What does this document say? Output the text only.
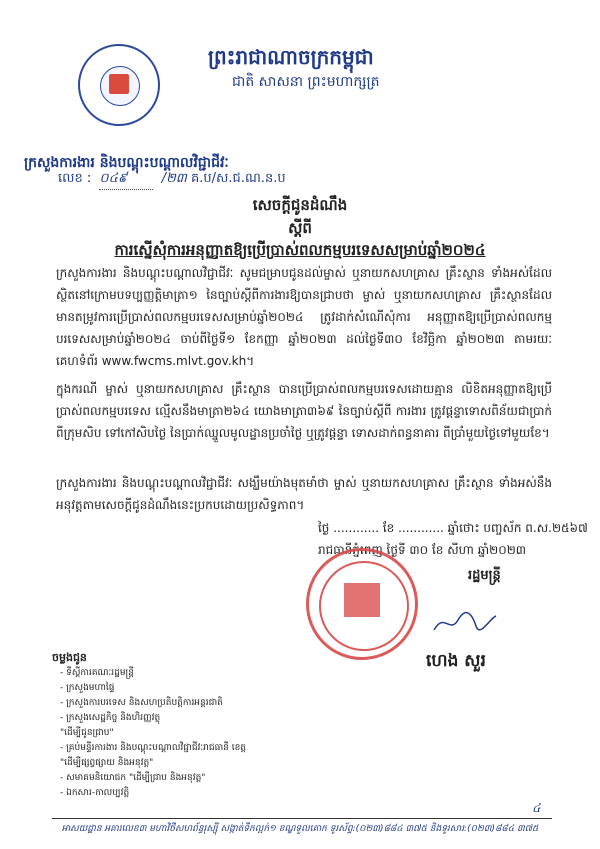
ព្រះរាជាណាចក្រកម្ពុជា
ជាតិ សាសនា ព្រះមហាក្សត្រ
ក្រសួងការងារ និងបណ្តុះបណ្តាលវិជ្ជាជីវៈ
លេខ : ០៤៩	/២៣ គ.ប/ស.ជ.ណ.ន.ប
សេចក្តីជូនដំណឹង
ស្តីពី
ការស្នើសុំការអនុញ្ញាតឱ្យប្រើប្រាស់ពលកម្មបរទេសសម្រាប់ឆ្នាំ២០២៤
ក្រសួងការងារ និងបណ្តុះបណ្តាលវិជ្ជាជីវៈ សូមជម្រាបជូនដល់ម្ចាស់ ឬនាយកសហគ្រាស គ្រឹះស្ថាន ទាំងអស់ដែលស្ថិតនៅក្រោមបទប្បញ្ញត្តិមាត្រា១ នៃច្បាប់ស្តីពីការងារឱ្យបានជ្រាបថា ម្ចាស់ ឬនាយកសហគ្រាស គ្រឹះស្ថានដែលមានតម្រូវការប្រើប្រាស់ពលកម្មបរទេសសម្រាប់ឆ្នាំ២០២៤ ត្រូវដាក់សំណើសុំការ អនុញ្ញាតឱ្យប្រើប្រាស់ពលកម្មបរទេសសម្រាប់ឆ្នាំ២០២៤ ចាប់ពីថ្ងៃទី១ ខែកញ្ញា ឆ្នាំ២០២៣ ដល់ថ្ងៃទី៣០ ខែវិច្ឆិកា ឆ្នាំ២០២៣ តាមរយៈគេហទំព័រ www.fwcms.mlvt.gov.kh។
ក្នុងករណី ម្ចាស់ ឬនាយកសហគ្រាស គ្រឹះស្ថាន បានប្រើប្រាស់ពលកម្មបរទេសដោយគ្មាន លិខិតអនុញ្ញាតឱ្យប្រើប្រាស់ពលកម្មបរទេស ល្មើសនឹងមាត្រា២៦៤ យោងមាត្រា៣៦៩ នៃច្បាប់ស្តីពី ការងារ ត្រូវផ្តន្ទាទោសពិន័យជាប្រាក់ ពីក្រុមសិប ទៅកៅសិបថ្ងៃ នៃប្រាក់ឈ្នួលមូលដ្ឋានប្រចាំថ្ងៃ ឬត្រូវផ្តន្ទា ទោសដាក់ពន្ធនាគារ ពីប្រាំមួយថ្ងៃទៅមួយខែ។
ក្រសួងការងារ និងបណ្តុះបណ្តាលវិជ្ជាជីវៈ សង្ឃឹមយ៉ាងមុតមាំថា ម្ចាស់ ឬនាយកសហគ្រាស គ្រឹះស្ថាន ទាំងអស់នឹងអនុវត្តតាមសេចក្តីជូនដំណឹងនេះប្រកបដោយប្រសិទ្ធភាព។
ថ្ងៃ ............ ខែ ............ ឆ្នាំថោះ បញ្ចស័ក ព.ស.២៥៦៧
រាជធានីភ្នំពេញ ថ្ងៃទី ៣០ ខែ សីហា ឆ្នាំ២០២៣
រដ្ឋមន្ត្រី
ហេង សួរ
ចម្លងជូន
- ទីស្តីការគណៈរដ្ឋមន្ត្រី
- ក្រសួងមហាផ្ទៃ
- ក្រសួងការបរទេស និងសហប្រតិបត្តិការអន្តរជាតិ
- ក្រសួងសេដ្ឋកិច្ច និងហិរញ្ញវត្ថុ
"ដើម្បីជូនជ្រាប"
- គ្រប់មន្ទីរការងារ និងបណ្តុះបណ្តាលវិជ្ជាជីវៈរាជធានី ខេត្ត
"ដើម្បីផ្សព្វផ្សាយ និងអនុវត្ត"
- សមាគមនិយោជក "ដើម្បីជ្រាប និងអនុវត្ត"
- ឯកសារ-កាលប្បវត្តិ
៤
អាសយដ្ឋាន អគារលេខ៣ មហាវិថីសហព័ន្ធរុស្ស៊ី សង្កាត់ទឹកល្អក់១ ខណ្ឌទួលគោក ទូរស័ព្ទ:(០២៣)៨៨៤ ៣៧៥ និងទូរសារ:(០២៣)៨៨៤ ៣៧៥
